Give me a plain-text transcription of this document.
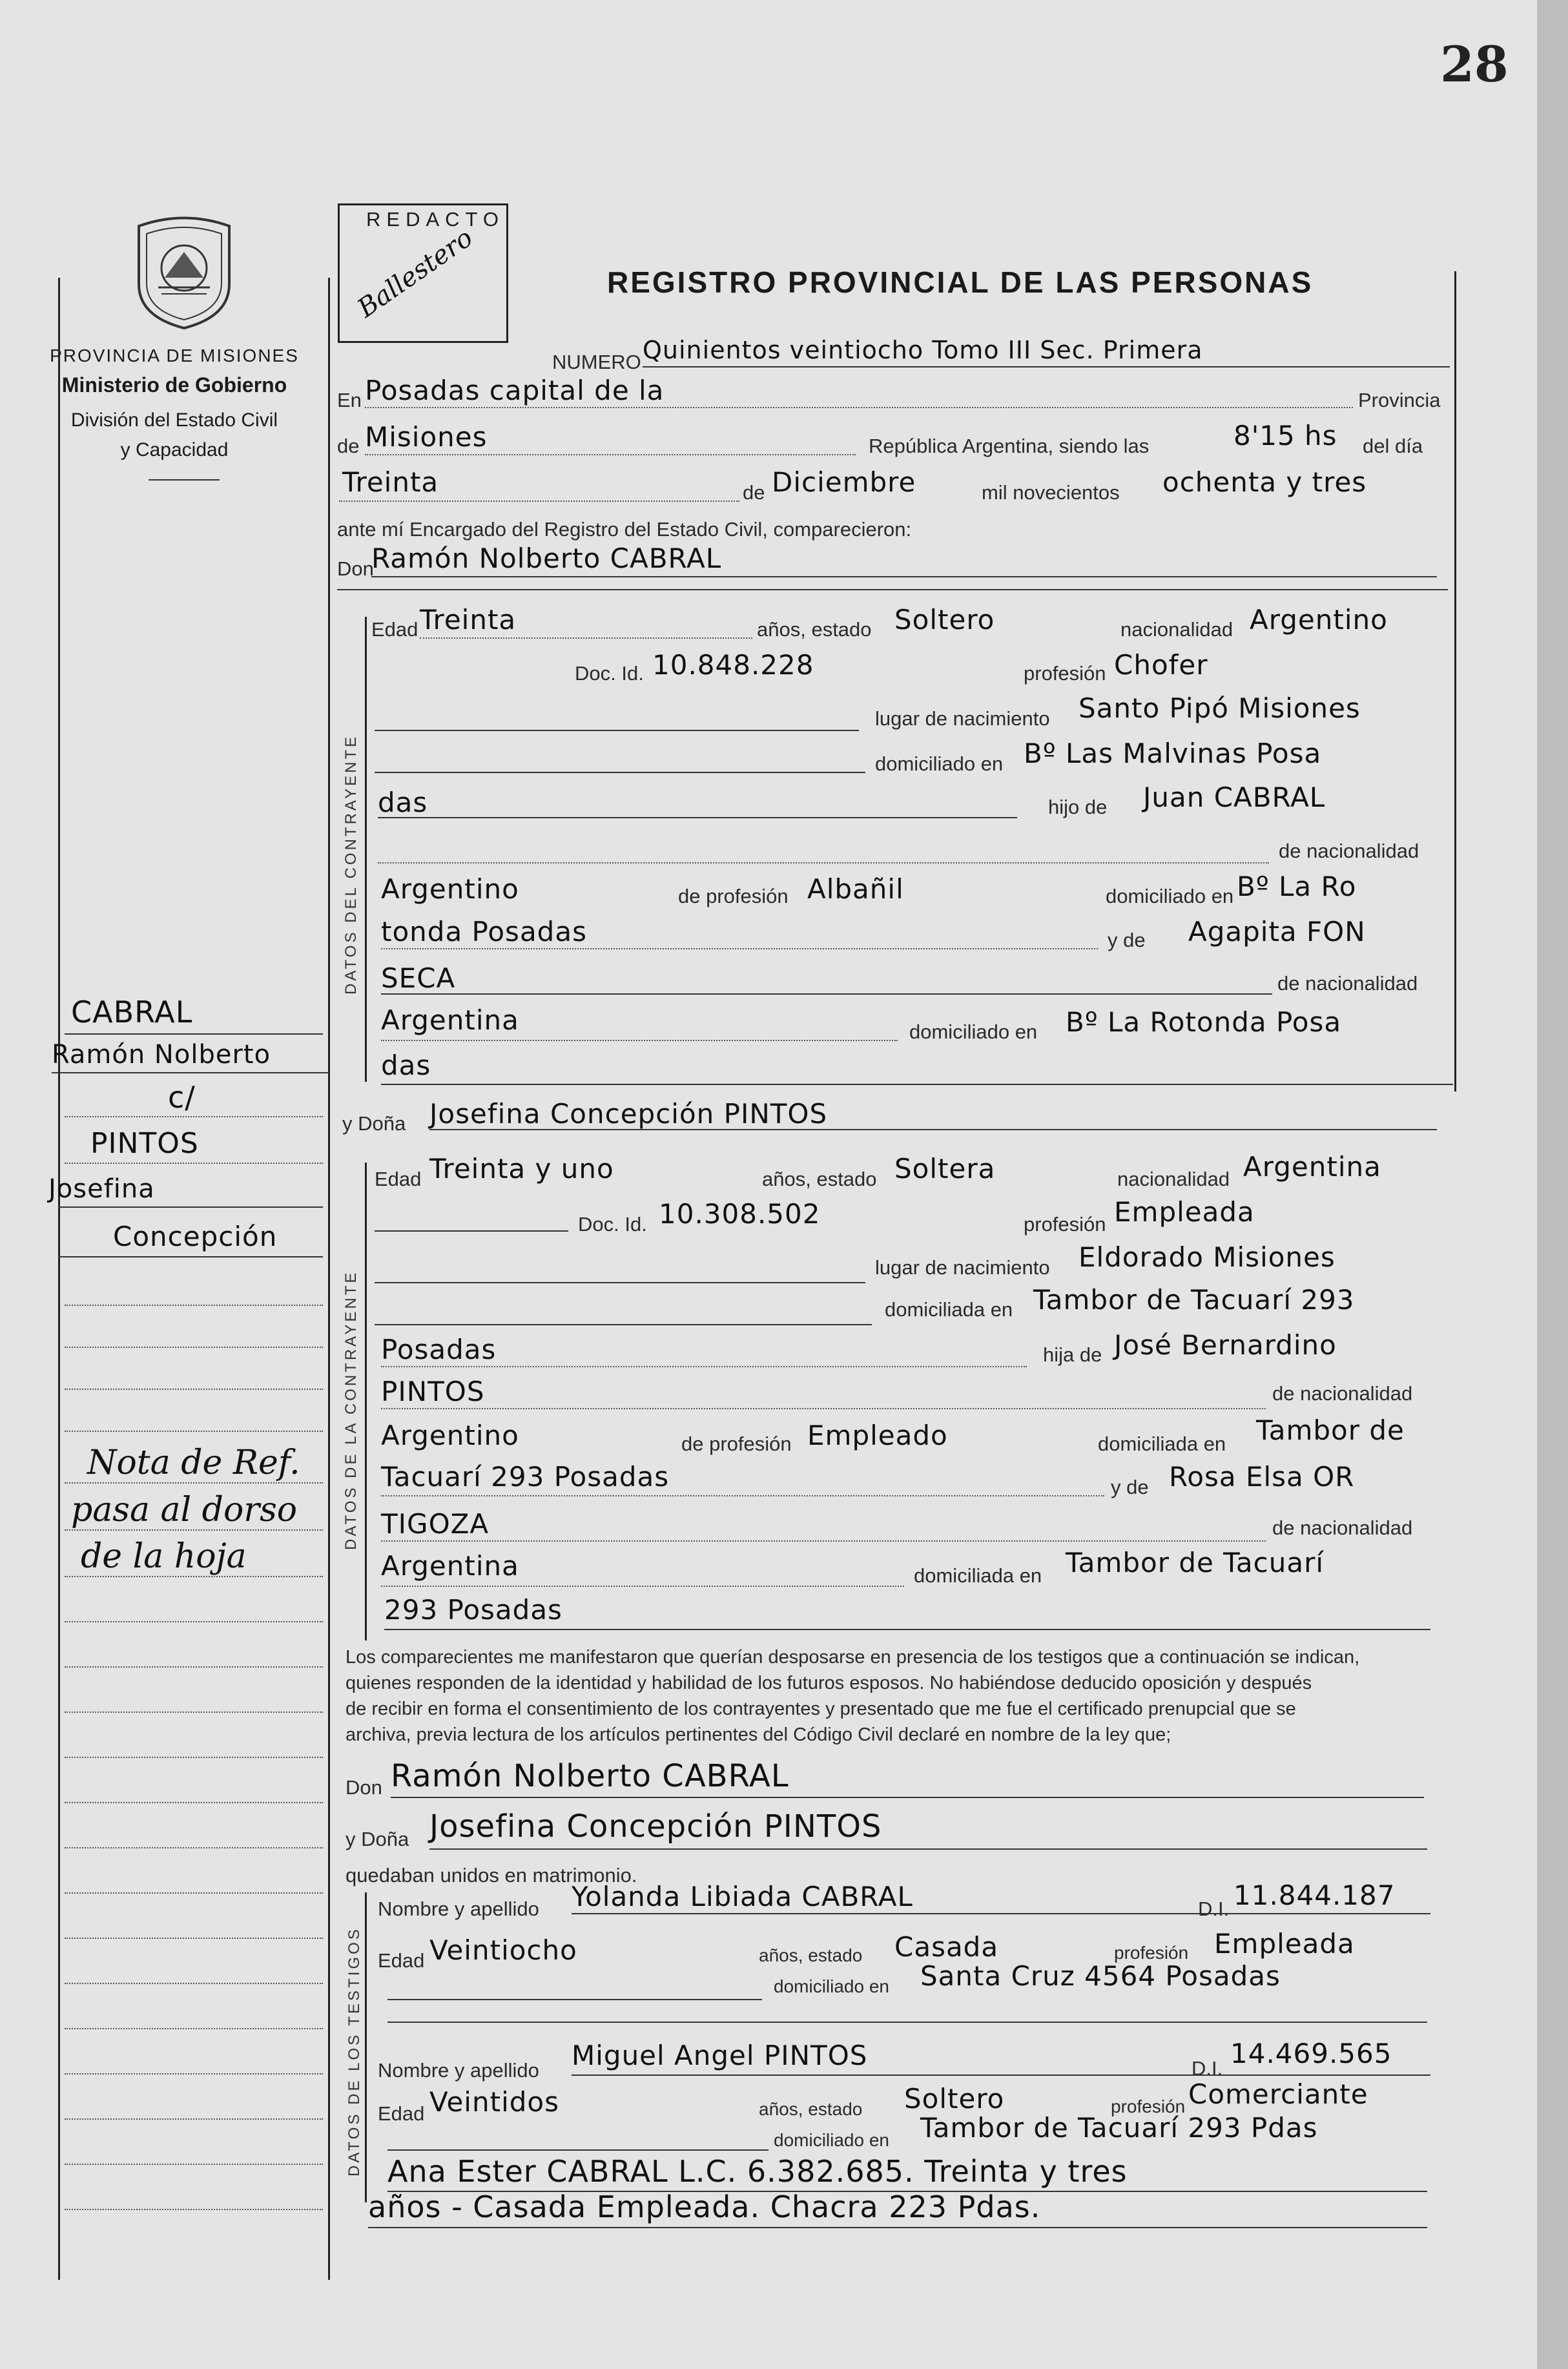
28
PROVINCIA DE MISIONES
Ministerio de Gobierno
División del Estado Civil
y Capacidad
REDACTO
Ballestero	REGISTRO PROVINCIAL DE LAS PERSONAS
NUMERO Quinientos veintiocho Tomo III Sec. Primera
En Posadas capital de la	Provincia
de Misiones	República Argentina, siendo las	8'15 hs del día
Treinta	de Diciembre	mil novecientos ochenta y tres
ante mí Encargado del Registro del Estado Civil, comparecieron:
Don
Ramón Nolberto CABRAL
DATOS DEL CONTRAYENTE
Edad Treinta	años, estado Soltero	nacionalidad Argentino
Doc. Id. 10.848.228	profesión Chofer
lugar de nacimiento Santo Pipó Misiones
domiciliado en Bº Las Malvinas Posa
das	hijo de Juan CABRAL
de nacionalidad
Argentino	de profesión Albañil	domiciliado en Bº La Ro
tonda Posadas	y de Agapita FON
SECA	de nacionalidad
Argentina	domiciliado en Bº La Rotonda Posa
das
y Doña Josefina Concepción PINTOS
DATOS DE LA CONTRAYENTE
Edad Treinta y uno	años, estado Soltera	nacionalidad Argentina
Doc. Id. 10.308.502	profesión Empleada
lugar de nacimiento Eldorado Misiones
domiciliada en Tambor de Tacuarí 293
Posadas	hija de José Bernardino
PINTOS	de nacionalidad
Argentino	de profesión Empleado	domiciliada en Tambor de
Tacuarí 293 Posadas	y de Rosa Elsa OR
TIGOZA	de nacionalidad
Argentina	domiciliada en Tambor de Tacuarí
293 Posadas
Los comparecientes me manifestaron que querían desposarse en presencia de los testigos que a continuación se indican,
quienes responden de la identidad y habilidad de los futuros esposos. No habiéndose deducido oposición y después
de recibir en forma el consentimiento de los contrayentes y presentado que me fue el certificado prenupcial que se
archiva, previa lectura de los artículos pertinentes del Código Civil declaré en nombre de la ley que;
Don Ramón Nolberto CABRAL
y Doña Josefina Concepción PINTOS
quedaban unidos en matrimonio.
DATOS DE LOS TESTIGOS
Nombre y apellido Yolanda Libiada CABRAL	D.I. 11.844.187
Edad Veintiocho	años, estado Casada	profesión Empleada
domiciliado en Santa Cruz 4564 Posadas
Nombre y apellido Miguel Angel PINTOS	D.I. 14.469.565
Edad Veintidos	años, estado Soltero	profesión Comerciante
domiciliado en Tambor de Tacuarí 293 Pdas
Ana Ester CABRAL L.C. 6.382.685. Treinta y tres
años - Casada Empleada. Chacra 223 Pdas.
CABRAL
Ramón Nolberto
c/
PINTOS
Josefina
Concepción
Nota de Ref.
pasa al dorso
de la hoja
